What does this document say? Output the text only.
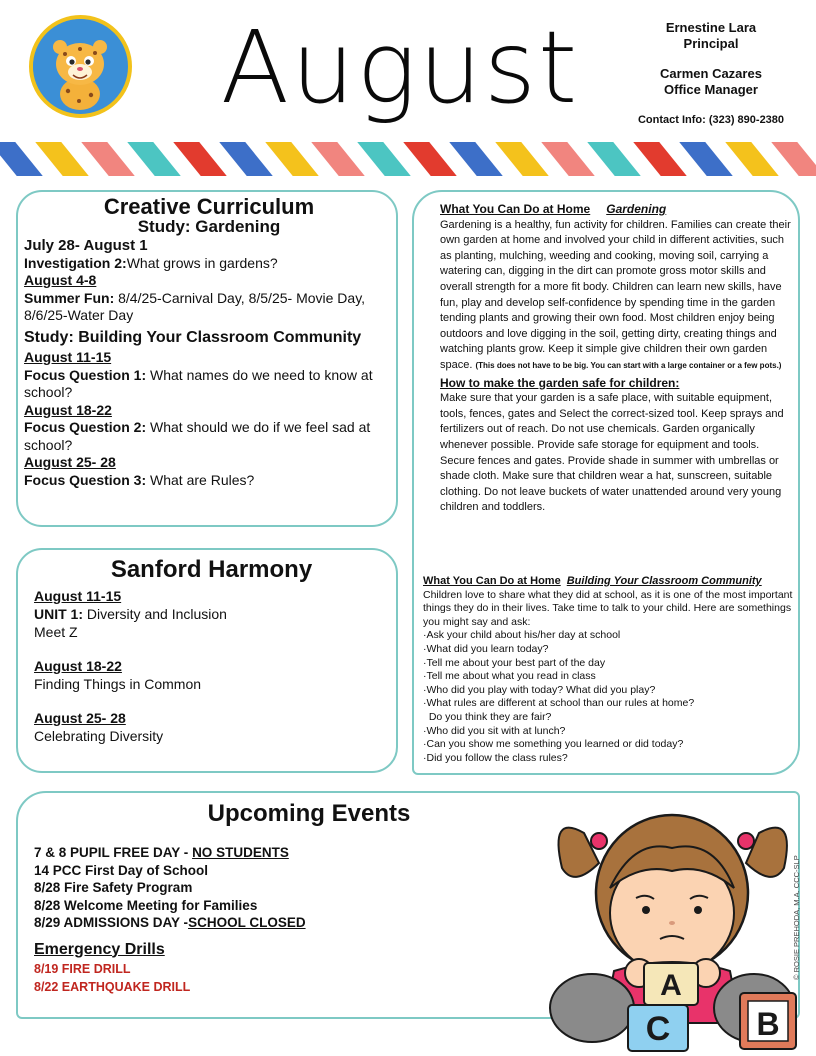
August	Ernestine Lara
Principal
Carmen Cazares
Office Manager
Contact Info: (323) 890-2380
Creative Curriculum
Study: Gardening
July 28- August 1
Investigation 2:What grows in gardens?
August 4-8
Summer Fun: 8/4/25-Carnival Day, 8/5/25- Movie Day, 8/6/25-Water Day
Study: Building Your Classroom Community
August 11-15
Focus Question 1: What names do we need to know at school?
August 18-22
Focus Question 2: What should we do if we feel sad at school?
August 25- 28
Focus Question 3: What are Rules?
Sanford Harmony
August 11-15
UNIT 1: Diversity and Inclusion
Meet Z
August 18-22
Finding Things in Common
August 25- 28
Celebrating Diversity
What You Can Do at Home Gardening
Gardening is a healthy, fun activity for children. Families can create their own garden at home and involved your child in different activities, such as planting, mulching, weeding and cooking, moving soil, carrying a watering can, digging in the dirt can promote gross motor skills and overall strength for a more fit body. Children can learn new skills, have fun, play and develop self-confidence by spending time in the garden tending plants and growing their own food. Most children enjoy being outdoors and love digging in the soil, getting dirty, creating things and watching plants grow. Keep it simple give children their own garden space. (This does not have to be big. You can start with a large container or a few pots.)
How to make the garden safe for children:
Make sure that your garden is a safe place, with suitable equipment, tools, fences, gates and Select the correct-sized tool. Keep sprays and fertilizers out of reach. Do not use chemicals. Garden organically whenever possible. Provide safe storage for equipment and tools. Secure fences and gates. Provide shade in summer with umbrellas or shade cloth. Make sure that children wear a hat, sunscreen, suitable clothing. Do not leave buckets of water unattended around very young children and toddlers.
What You Can Do at Home Building Your Classroom Community
Children love to share what they did at school, as it is one of the most important things they do in their lives. Take time to talk to your child. Here are somethings you might say and ask:
·Ask your child about his/her day at school
·What did you learn today?
·Tell me about your best part of the day
·Tell me about what you read in class
·Who did you play with today? What did you play?
·What rules are different at school than our rules at home?
Do you think they are fair?
·Who did you sit with at lunch?
·Can you show me something you learned or did today?
·Did you follow the class rules?
Upcoming Events
7 & 8 PUPIL FREE DAY - NO STUDENTS
14 PCC First Day of School
8/28 Fire Safety Program
8/28 Welcome Meeting for Families
8/29 ADMISSIONS DAY -SCHOOL CLOSED
Emergency Drills
8/19 FIRE DRILL
8/22 EARTHQUAKE DRILL	A
C	B
© ROSIE PREHODA, M.A. CCC-SLP
